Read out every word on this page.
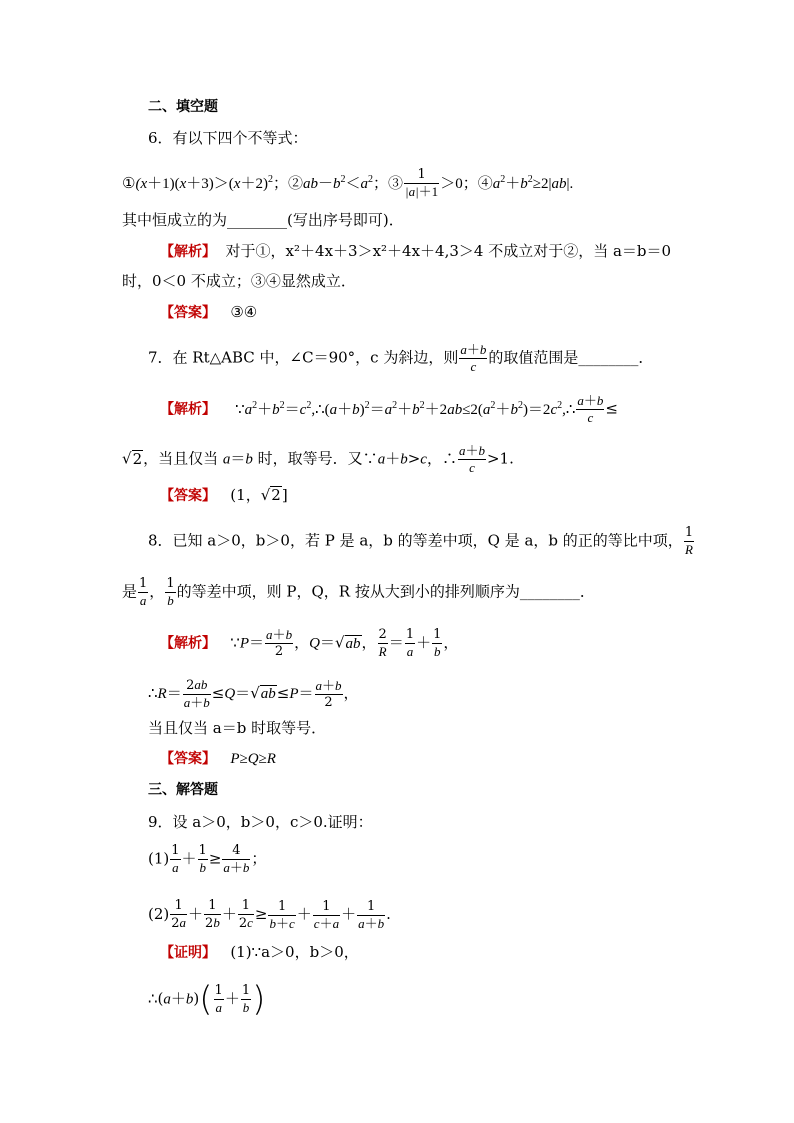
二、填空题
6．有以下四个不等式：
$①(x+1)(x+3)>(x+2)^2$；$②ab-b^2<a^2$；③ $\frac{1}{|a|+1} >0$；$④a^2+b^2\ge 2|ab|$.
其中恒成立的为________(写出序号即可)．
【解析】 对于①，x²＋4x＋3＞x²＋4x＋4,3＞4 不成立对于②，当 a＝b＝0
时，0＜0 不成立；③④显然成立．
【答案】 ③④
7．在 Rt△ABC 中，∠C＝90°，c 为斜边，则 $\frac{a+b}{c}$ 的取值范围是________．
【解析】 $\because a^2+b^2=c^2,\therefore(a+b)^2=a^2+b^2+2ab\le 2(a^2+b^2)=2c^2,\therefore \frac{a+b}{c}$ ≤
√2，当且仅当 a＝b 时，取等号．又∵a＋b>c，∴ $\frac{a+b}{c} >1$.
【答案】   (1，√2]
8．已知 a＞0，b＞0，若 P 是 a，b 的等差中项，Q 是 a，b 的正的等比中项， $\frac{1}{R}$
是 $\frac{1}{a}$ ， $\frac{1}{b}$ 的等差中项，则 P，Q，R 按从大到小的排列顺序为________．
【解析】   ∵P＝ $\frac{a+b}{2}$ ，Q＝√ab， $\frac{2}{R} = \frac{1}{a} + \frac{1}{b}$ ，
∴R＝ $\frac{2ab}{a+b} \le Q=√ab\le P= \frac{a+b}{2}$ ，
当且仅当 a＝b 时取等号．
【答案】 P≥Q≥R
三、解答题
9．设 a＞0，b＞0，c＞0.证明：
$(1) \frac{1}{a} + \frac{1}{b} \ge \frac{4}{a+b}$ ；
$(2) \frac{1}{2a} + \frac{1}{2b} + \frac{1}{2c} \ge \frac{1}{b+c} + \frac{1}{c+a} + \frac{1}{a+b}$ .
【证明】 (1)∵a＞0，b＞0，
∴(a＋b)( $\frac{1}{a} + \frac{1}{b}$ )
